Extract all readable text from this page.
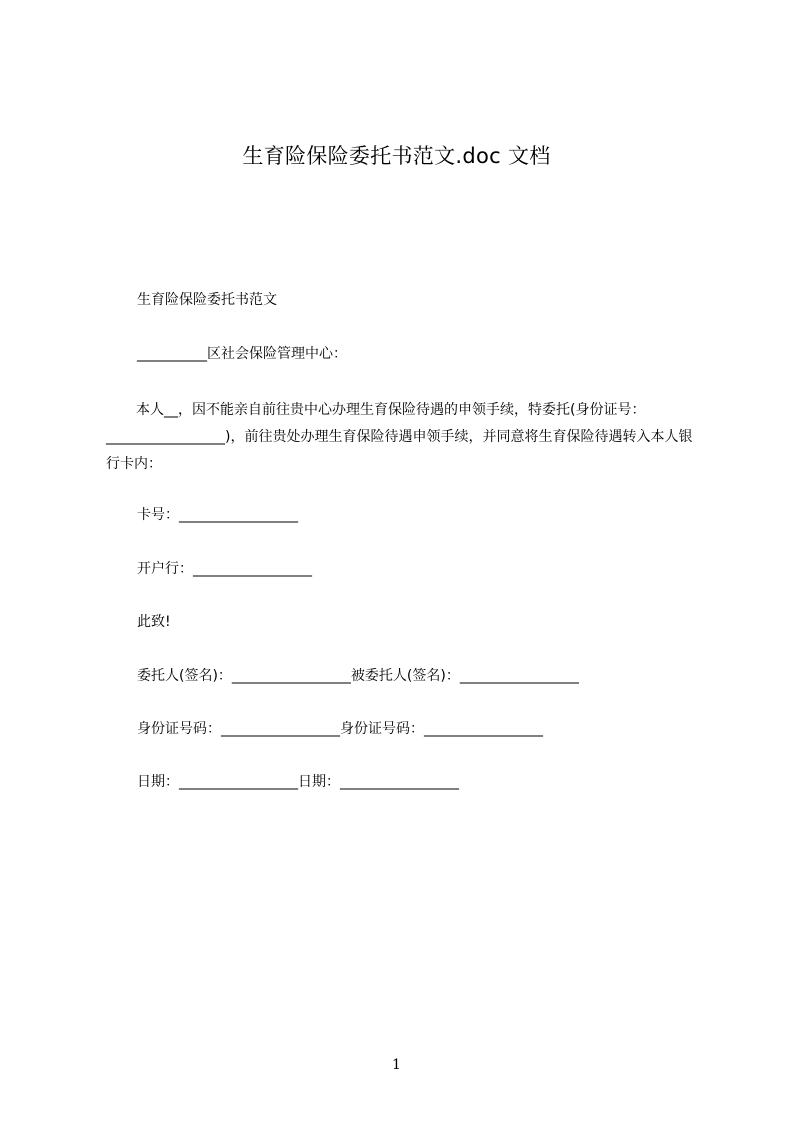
生育险保险委托书范文.doc 文档
生育险保险委托书范文
__________区社会保险管理中心：
本人__，因不能亲自前往贵中心办理生育保险待遇的申领手续，特委托(身份证号：_________________)，前往贵处办理生育保险待遇申领手续，并同意将生育保险待遇转入本人银行卡内：
卡号：_________________
开户行：_________________
此致!
委托人(签名)：_________________被委托人(签名)：_________________
身份证号码：_________________身份证号码：_________________
日期：_________________日期：_________________
1
